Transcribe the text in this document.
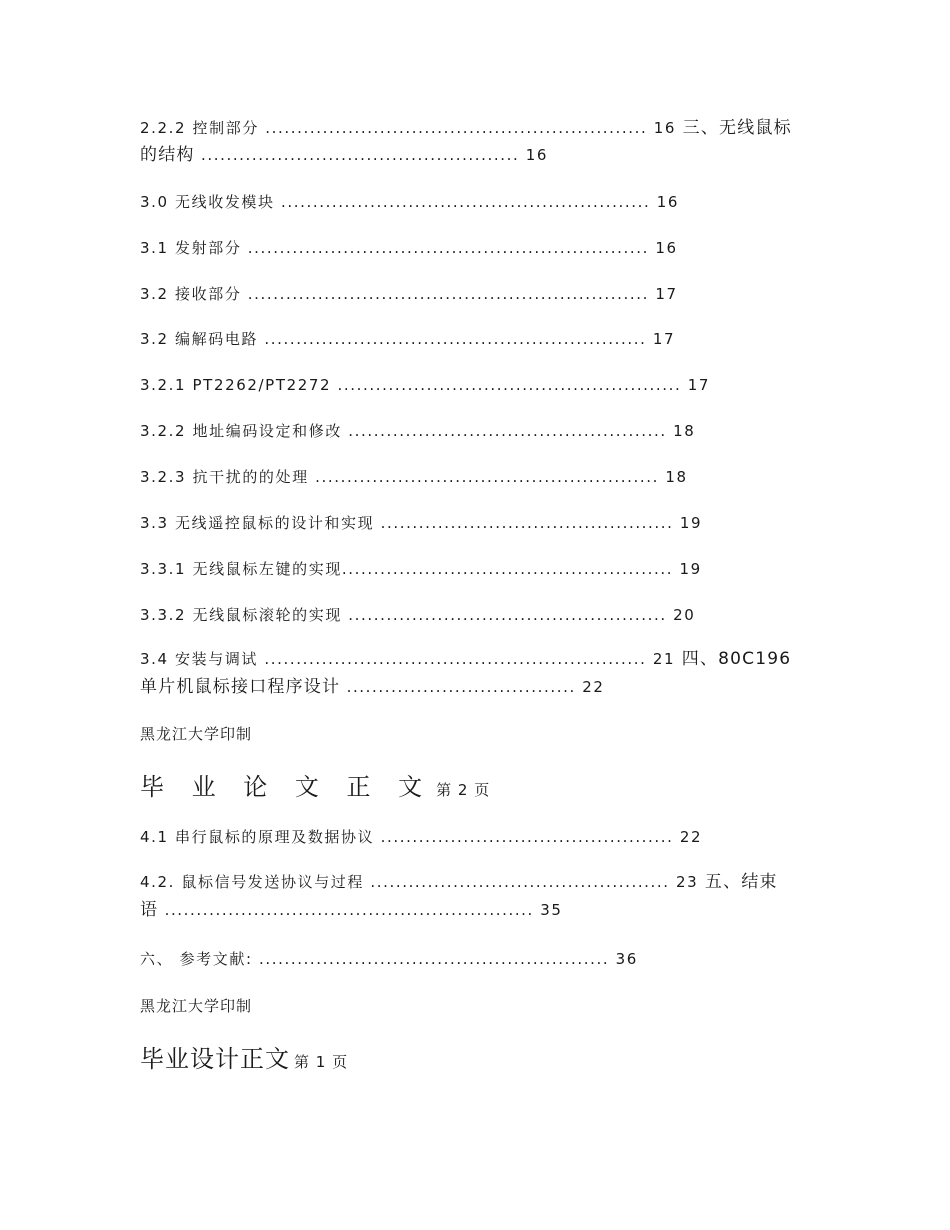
2.2.2 控制部分 ............................................................ 16 三、无线鼠标
的结构 .................................................. 16
3.0 无线收发模块 .......................................................... 16
3.1 发射部分 ............................................................... 16
3.2 接收部分 ............................................................... 17
3.2 编解码电路 ............................................................ 17
3.2.1 PT2262/PT2272 ...................................................... 17
3.2.2 地址编码设定和修改 .................................................. 18
3.2.3 抗干扰的的处理 ...................................................... 18
3.3 无线遥控鼠标的设计和实现 .............................................. 19
3.3.1 无线鼠标左键的实现.................................................... 19
3.3.2 无线鼠标滚轮的实现 .................................................. 20
3.4 安装与调试 ............................................................ 21 四、80C196
单片机鼠标接口程序设计 .................................... 22
黑龙江大学印制
毕 业 论 文 正 文 第 2 页
4.1 串行鼠标的原理及数据协议 .............................................. 22
4.2. 鼠标信号发送协议与过程 ............................................... 23 五、结束
语 .......................................................... 35
六、 参考文献: ....................................................... 36
黑龙江大学印制
毕业设计正文 第 1 页
